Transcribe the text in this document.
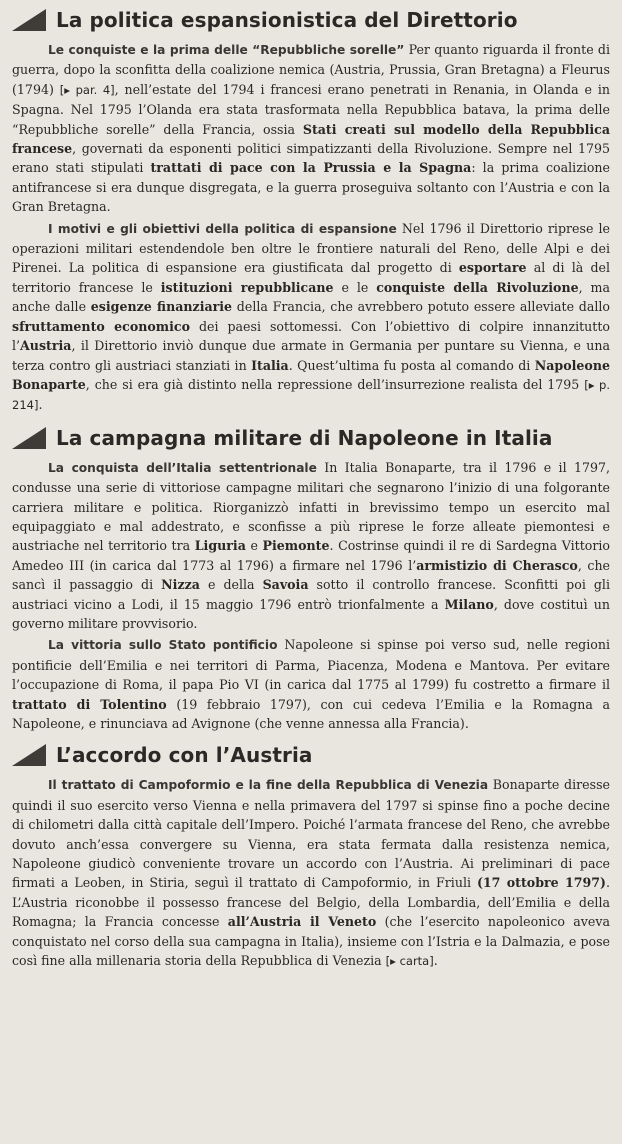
La politica espansionistica del Direttorio

Le conquiste e la prima delle “Repubbliche sorelle” Per quanto riguarda il fronte di guerra, dopo la sconfitta della coalizione nemica (Austria, Prussia, Gran Bretagna) a Fleurus (1794) [▸ par. 4], nell’estate del 1794 i francesi erano penetrati in Renania, in Olanda e in Spagna. Nel 1795 l’Olanda era stata trasformata nella Repubblica batava, la prima delle “Repubbliche sorelle” della Francia, ossia Stati creati sul modello della Repubblica francese, governati da esponenti politici simpatizzanti della Rivoluzione. Sempre nel 1795 erano stati stipulati trattati di pace con la Prussia e la Spagna: la prima coalizione antifrancese si era dunque disgregata, e la guerra proseguiva soltanto con l’Austria e con la Gran Bretagna.

I motivi e gli obiettivi della politica di espansione Nel 1796 il Direttorio riprese le operazioni militari estendendole ben oltre le frontiere naturali del Reno, delle Alpi e dei Pirenei. La politica di espansione era giustificata dal progetto di esportare al di là del territorio francese le istituzioni repubblicane e le conquiste della Rivoluzione, ma anche dalle esigenze finanziarie della Francia, che avrebbero potuto essere alleviate dallo sfruttamento economico dei paesi sottomessi. Con l’obiettivo di colpire innanzitutto l’Austria, il Direttorio inviò dunque due armate in Germania per puntare su Vienna, e una terza contro gli austriaci stanziati in Italia. Quest’ultima fu posta al comando di Napoleone Bonaparte, che si era già distinto nella repressione dell’insurrezione realista del 1795 [▸ p. 214].

La campagna militare di Napoleone in Italia

La conquista dell’Italia settentrionale In Italia Bonaparte, tra il 1796 e il 1797, condusse una serie di vittoriose campagne militari che segnarono l’inizio di una folgorante carriera militare e politica. Riorganizzò infatti in brevissimo tempo un esercito mal equipaggiato e mal addestrato, e sconfisse a più riprese le forze alleate piemontesi e austriache nel territorio tra Liguria e Piemonte. Costrinse quindi il re di Sardegna Vittorio Amedeo III (in carica dal 1773 al 1796) a firmare nel 1796 l’armistizio di Cherasco, che sancì il passaggio di Nizza e della Savoia sotto il controllo francese. Sconfitti poi gli austriaci vicino a Lodi, il 15 maggio 1796 entrò trionfalmente a Milano, dove costituì un governo militare provvisorio.

La vittoria sullo Stato pontificio Napoleone si spinse poi verso sud, nelle regioni pontificie dell’Emilia e nei territori di Parma, Piacenza, Modena e Mantova. Per evitare l’occupazione di Roma, il papa Pio VI (in carica dal 1775 al 1799) fu costretto a firmare il trattato di Tolentino (19 febbraio 1797), con cui cedeva l’Emilia e la Romagna a Napoleone, e rinunciava ad Avignone (che venne annessa alla Francia).

L’accordo con l’Austria

Il trattato di Campoformio e la fine della Repubblica di Venezia Bonaparte diresse quindi il suo esercito verso Vienna e nella primavera del 1797 si spinse fino a poche decine di chilometri dalla città capitale dell’Impero. Poiché l’armata francese del Reno, che avrebbe dovuto anch’essa convergere su Vienna, era stata fermata dalla resistenza nemica, Napoleone giudicò conveniente trovare un accordo con l’Austria. Ai preliminari di pace firmati a Leoben, in Stiria, seguì il trattato di Campoformio, in Friuli (17 ottobre 1797). L’Austria riconobbe il possesso francese del Belgio, della Lombardia, dell’Emilia e della Romagna; la Francia concesse all’Austria il Veneto (che l’esercito napoleonico aveva conquistato nel corso della sua campagna in Italia), insieme con l’Istria e la Dalmazia, e pose così fine alla millenaria storia della Repubblica di Venezia [▸ carta].
